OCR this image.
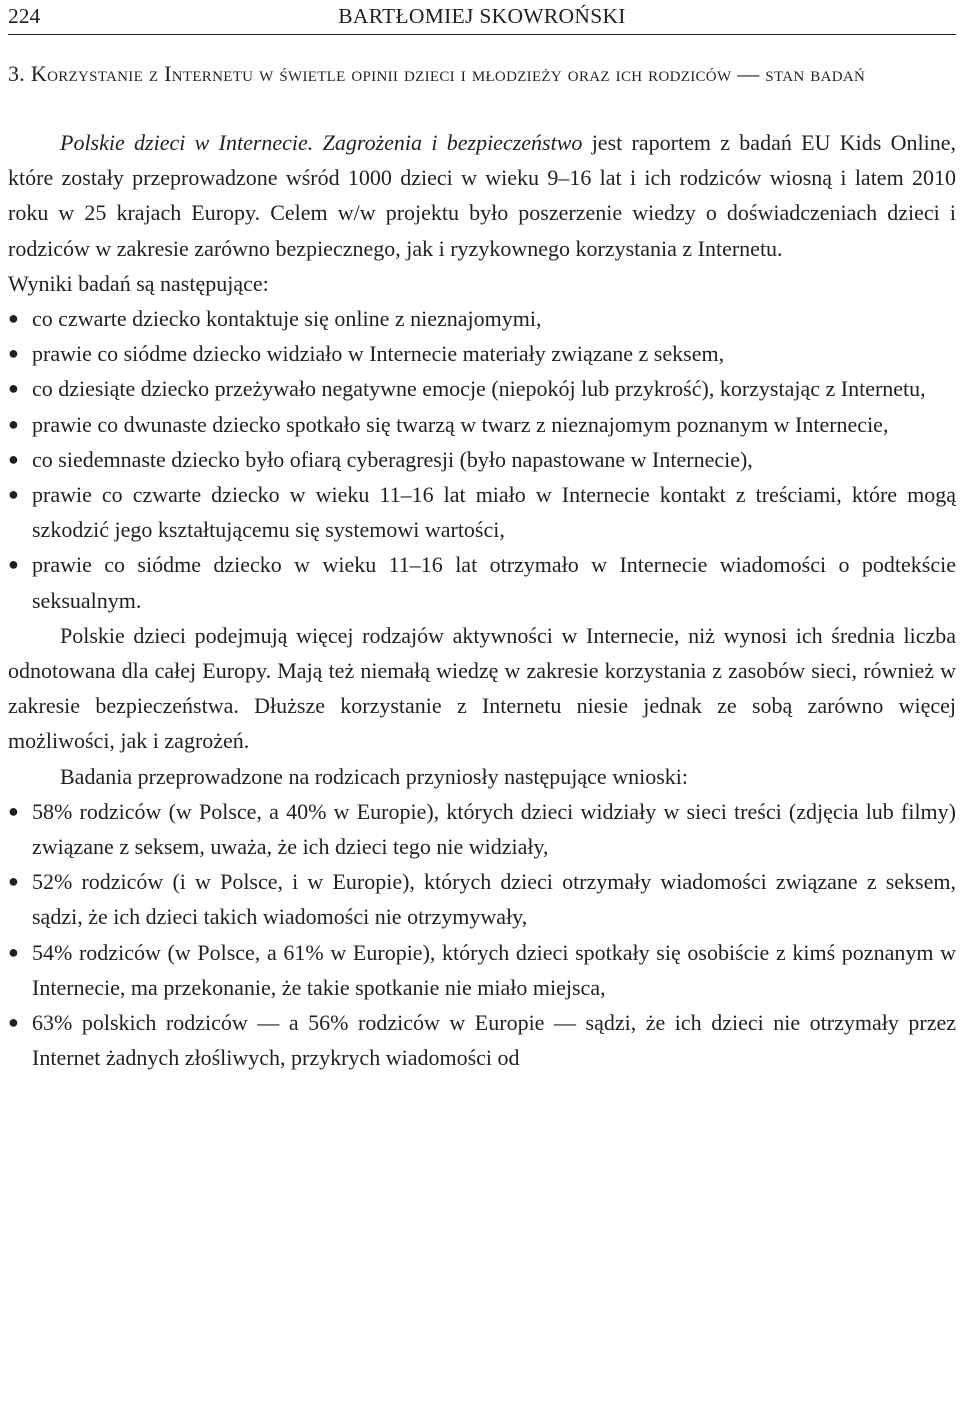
224	BARTŁOMIEJ SKOWROŃSKI
3. Korzystanie z Internetu w świetle opinii dzieci i młodzieży oraz ich rodziców — stan badań

Polskie dzieci w Internecie. Zagrożenia i bezpieczeństwo jest raportem z badań EU Kids Online, które zostały przeprowadzone wśród 1000 dzieci w wieku 9–16 lat i ich rodziców wiosną i latem 2010 roku w 25 krajach Europy. Celem w/w projektu było poszerzenie wiedzy o doświadczeniach dzieci i rodziców w zakresie zarówno bezpiecznego, jak i ryzykownego korzystania z Internetu.

Wyniki badań są następujące:

● co czwarte dziecko kontaktuje się online z nieznajomymi,
● prawie co siódme dziecko widziało w Internecie materiały związane z seksem,
● co dziesiąte dziecko przeżywało negatywne emocje (niepokój lub przykrość), korzystając z Internetu,
● prawie co dwunaste dziecko spotkało się twarzą w twarz z nieznajomym poznanym w Internecie,
● co siedemnaste dziecko było ofiarą cyberagresji (było napastowane w Internecie),
● prawie co czwarte dziecko w wieku 11–16 lat miało w Internecie kontakt z treściami, które mogą szkodzić jego kształtującemu się systemowi wartości,
● prawie co siódme dziecko w wieku 11–16 lat otrzymało w Internecie wiadomości o podtekście seksualnym.

Polskie dzieci podejmują więcej rodzajów aktywności w Internecie, niż wynosi ich średnia liczba odnotowana dla całej Europy. Mają też niemałą wiedzę w zakresie korzystania z zasobów sieci, również w zakresie bezpieczeństwa. Dłuższe korzystanie z Internetu niesie jednak ze sobą zarówno więcej możliwości, jak i zagrożeń.

Badania przeprowadzone na rodzicach przyniosły następujące wnioski:

● 58% rodziców (w Polsce, a 40% w Europie), których dzieci widziały w sieci treści (zdjęcia lub filmy) związane z seksem, uważa, że ich dzieci tego nie widziały,
● 52% rodziców (i w Polsce, i w Europie), których dzieci otrzymały wiadomości związane z seksem, sądzi, że ich dzieci takich wiadomości nie otrzymywały,
● 54% rodziców (w Polsce, a 61% w Europie), których dzieci spotkały się osobiście z kimś poznanym w Internecie, ma przekonanie, że takie spotkanie nie miało miejsca,
● 63% polskich rodziców — a 56% rodziców w Europie — sądzi, że ich dzieci nie otrzymały przez Internet żadnych złośliwych, przykrych wiadomości od
